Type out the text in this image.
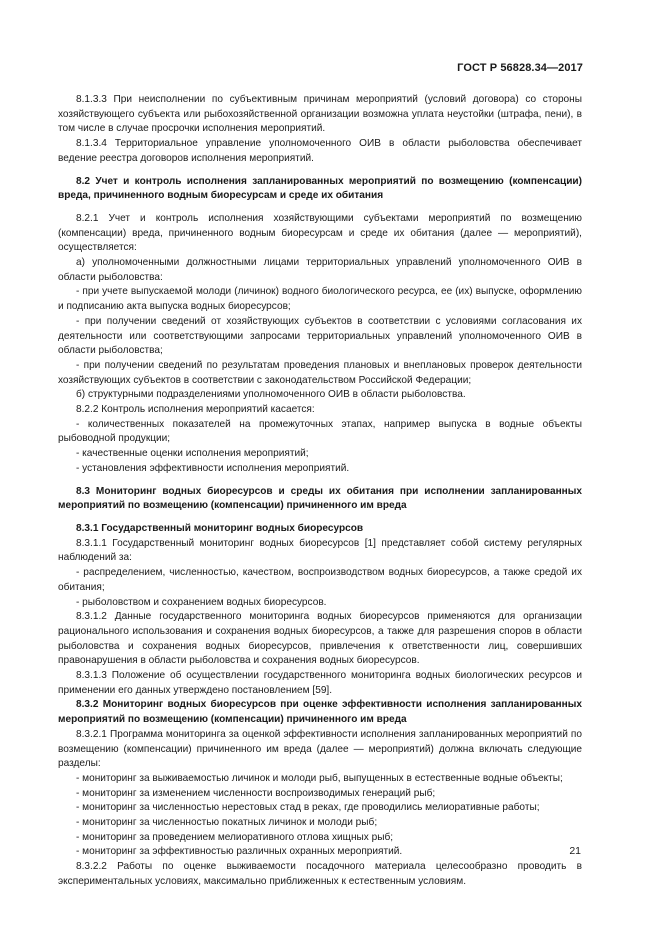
ГОСТ Р 56828.34—2017

8.1.3.3 При неисполнении по субъективным причинам мероприятий (условий договора) со стороны хозяйствующего субъекта или рыбохозяйственной организации возможна уплата неустойки (штрафа, пени), в том числе в случае просрочки исполнения мероприятий.

8.1.3.4 Территориальное управление уполномоченного ОИВ в области рыболовства обеспечивает ведение реестра договоров исполнения мероприятий.

8.2 Учет и контроль исполнения запланированных мероприятий по возмещению (компенсации) вреда, причиненного водным биоресурсам и среде их обитания

8.2.1 Учет и контроль исполнения хозяйствующими субъектами мероприятий по возмещению (компенсации) вреда, причиненного водным биоресурсам и среде их обитания (далее — мероприятий), осуществляется:

а) уполномоченными должностными лицами территориальных управлений уполномоченного ОИВ в области рыболовства:

- при учете выпускаемой молоди (личинок) водного биологического ресурса, ее (их) выпуске, оформлению и подписанию акта выпуска водных биоресурсов;

- при получении сведений от хозяйствующих субъектов в соответствии с условиями согласования их деятельности или соответствующими запросами территориальных управлений уполномоченного ОИВ в области рыболовства;

- при получении сведений по результатам проведения плановых и внеплановых проверок деятельности хозяйствующих субъектов в соответствии с законодательством Российской Федерации;

б) структурными подразделениями уполномоченного ОИВ в области рыболовства.

8.2.2 Контроль исполнения мероприятий касается:

- количественных показателей на промежуточных этапах, например выпуска в водные объекты рыбоводной продукции;

- качественные оценки исполнения мероприятий;

- установления эффективности исполнения мероприятий.

8.3 Мониторинг водных биоресурсов и среды их обитания при исполнении запланированных мероприятий по возмещению (компенсации) причиненного им вреда

8.3.1 Государственный мониторинг водных биоресурсов

8.3.1.1 Государственный мониторинг водных биоресурсов [1] представляет собой систему регулярных наблюдений за:

- распределением, численностью, качеством, воспроизводством водных биоресурсов, а также средой их обитания;

- рыболовством и сохранением водных биоресурсов.

8.3.1.2 Данные государственного мониторинга водных биоресурсов применяются для организации рационального использования и сохранения водных биоресурсов, а также для разрешения споров в области рыболовства и сохранения водных биоресурсов, привлечения к ответственности лиц, совершивших правонарушения в области рыболовства и сохранения водных биоресурсов.

8.3.1.3 Положение об осуществлении государственного мониторинга водных биологических ресурсов и применении его данных утверждено постановлением [59].

8.3.2 Мониторинг водных биоресурсов при оценке эффективности исполнения запланированных мероприятий по возмещению (компенсации) причиненного им вреда

8.3.2.1 Программа мониторинга за оценкой эффективности исполнения запланированных мероприятий по возмещению (компенсации) причиненного им вреда (далее — мероприятий) должна включать следующие разделы:

- мониторинг за выживаемостью личинок и молоди рыб, выпущенных в естественные водные объекты;

- мониторинг за изменением численности воспроизводимых генераций рыб;

- мониторинг за численностью нерестовых стад в реках, где проводились мелиоративные работы;

- мониторинг за численностью покатных личинок и молоди рыб;

- мониторинг за проведением мелиоративного отлова хищных рыб;

- мониторинг за эффективностью различных охранных мероприятий.

8.3.2.2 Работы по оценке выживаемости посадочного материала целесообразно проводить в экспериментальных условиях, максимально приближенных к естественным условиям.

21
